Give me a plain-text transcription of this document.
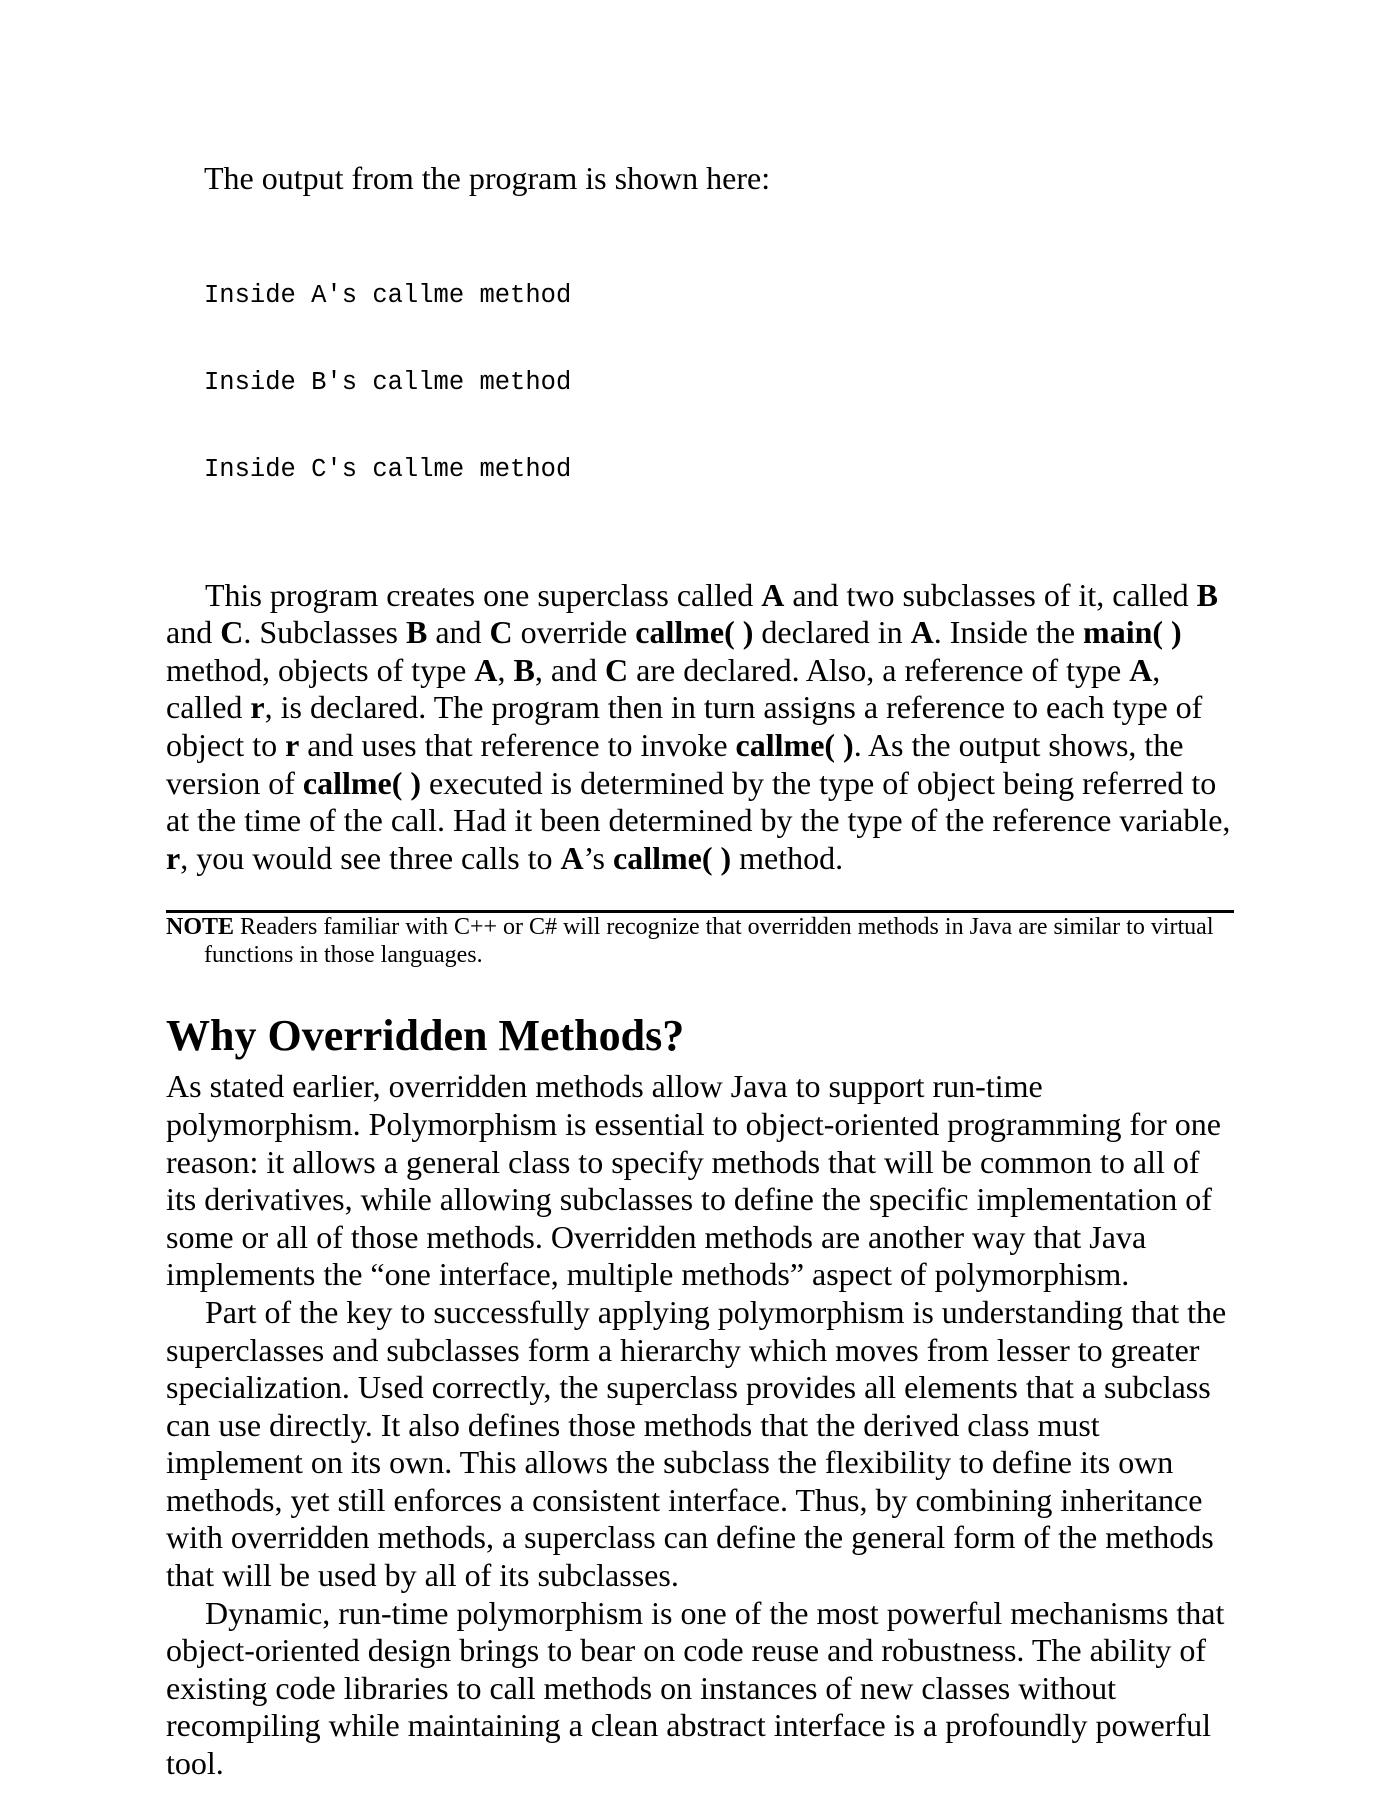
The output from the program is shown here:

Inside A's callme method

Inside B's callme method

Inside C's callme method

This program creates one superclass called A and two subclasses of it, called B and C. Subclasses B and C override callme( ) declared in A. Inside the main( ) method, objects of type A, B, and C are declared. Also, a reference of type A, called r, is declared. The program then in turn assigns a reference to each type of object to r and uses that reference to invoke callme( ). As the output shows, the version of callme( ) executed is determined by the type of object being referred to at the time of the call. Had it been determined by the type of the reference variable, r, you would see three calls to A’s callme( ) method.

NOTE Readers familiar with C++ or C# will recognize that overridden methods in Java are similar to virtual functions in those languages.
Why Overridden Methods?

As stated earlier, overridden methods allow Java to support run-time polymorphism. Polymorphism is essential to object-oriented programming for one reason: it allows a general class to specify methods that will be common to all of its derivatives, while allowing subclasses to define the specific implementation of some or all of those methods. Overridden methods are another way that Java implements the “one interface, multiple methods” aspect of polymorphism.

Part of the key to successfully applying polymorphism is understanding that the superclasses and subclasses form a hierarchy which moves from lesser to greater specialization. Used correctly, the superclass provides all elements that a subclass can use directly. It also defines those methods that the derived class must implement on its own. This allows the subclass the flexibility to define its own methods, yet still enforces a consistent interface. Thus, by combining inheritance with overridden methods, a superclass can define the general form of the methods that will be used by all of its subclasses.

Dynamic, run-time polymorphism is one of the most powerful mechanisms that object-oriented design brings to bear on code reuse and robustness. The ability of existing code libraries to call methods on instances of new classes without recompiling while maintaining a clean abstract interface is a profoundly powerful tool.
